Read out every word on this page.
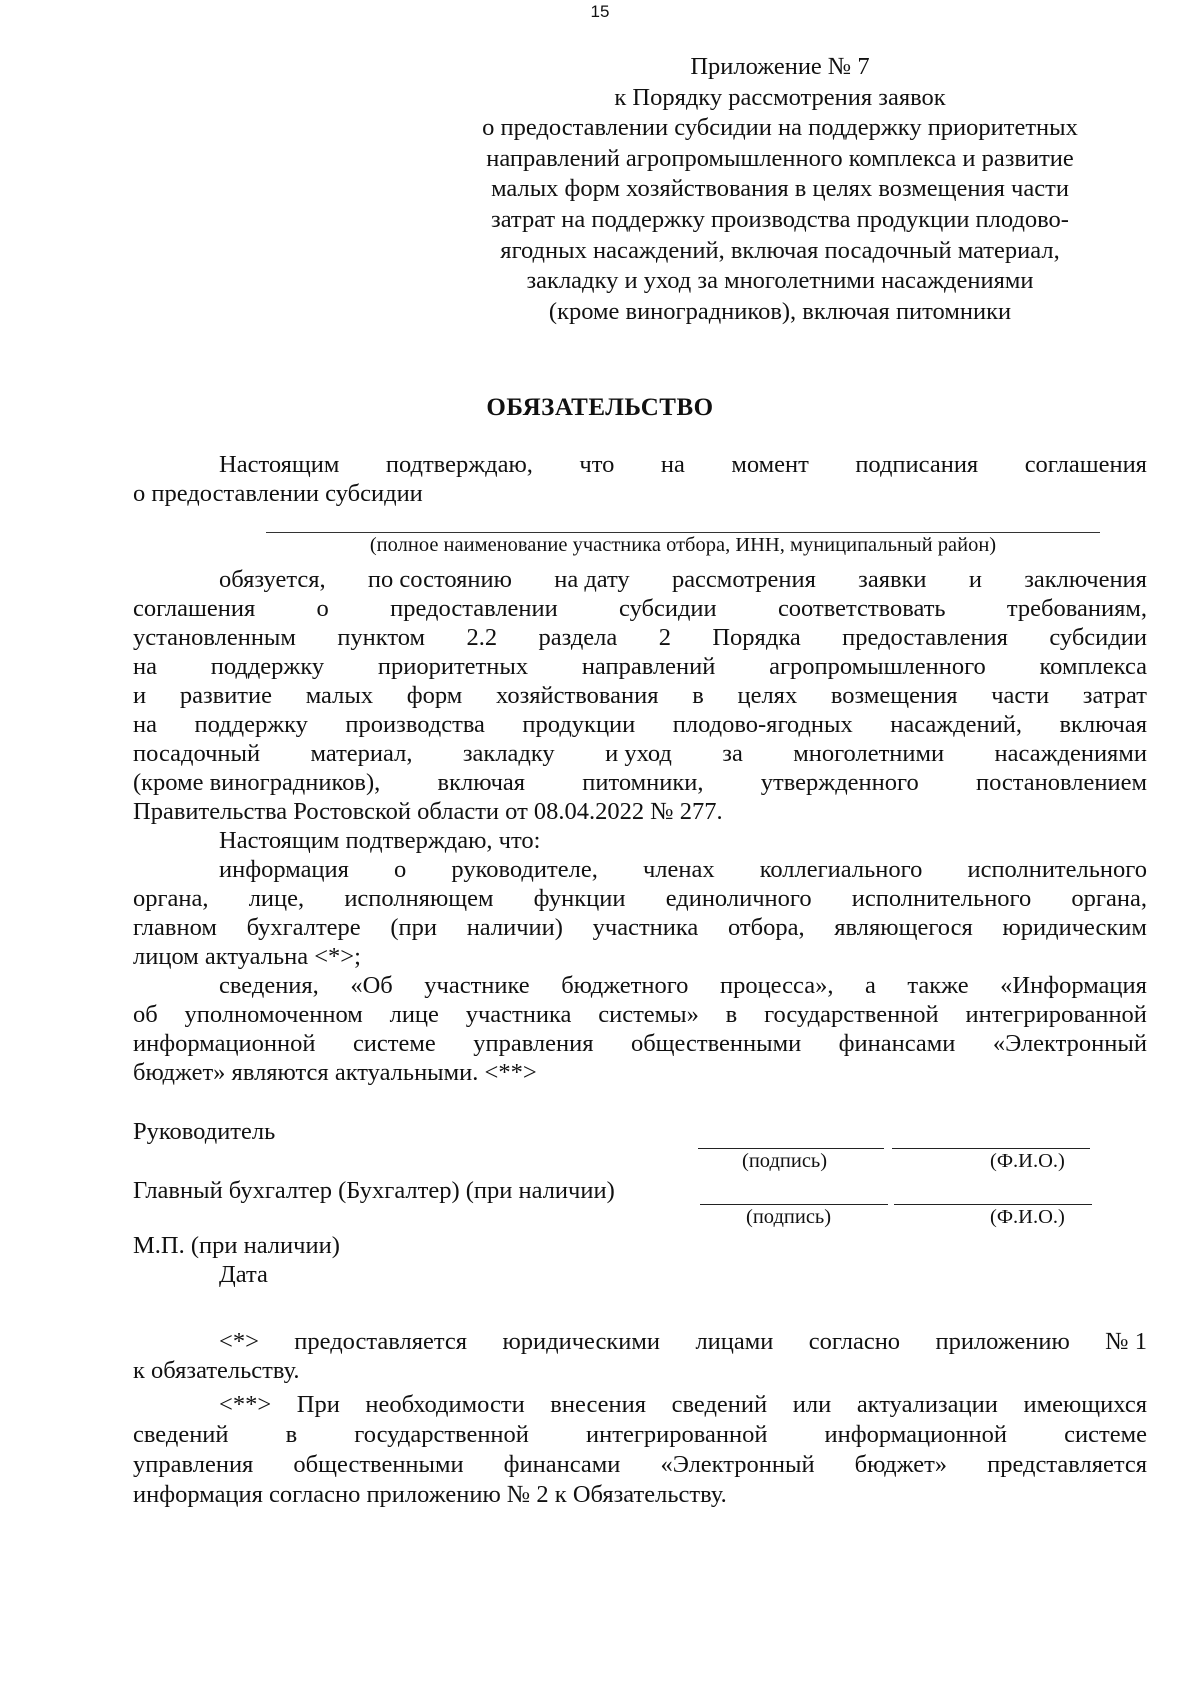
15
Приложение № 7
к Порядку рассмотрения заявок
о предоставлении субсидии на поддержку приоритетных
направлений агропромышленного комплекса и развитие
малых форм хозяйствования в целях возмещения части
затрат на поддержку производства продукции плодово-
ягодных насаждений, включая посадочный материал,
закладку и уход за многолетними насаждениями
(кроме виноградников), включая питомники
ОБЯЗАТЕЛЬСТВО
Настоящим подтверждаю, что на момент подписания соглашения
о предоставлении субсидии
(полное наименование участника отбора, ИНН, муниципальный район)
обязуется, по состоянию на дату рассмотрения заявки и заключения
соглашения	о	предоставлении	субсидии	соответствовать	требованиям,
установленным пунктом 2.2 раздела 2 Порядка предоставления субсидии
на поддержку приоритетных направлений агропромышленного комплекса
и развитие малых форм хозяйствования в целях возмещения части затрат
на поддержку производства продукции плодово-ягодных насаждений, включая
посадочный материал, закладку и уход за многолетними насаждениями
(кроме виноградников), включая питомники, утвержденного постановлением
Правительства Ростовской области от 08.04.2022 № 277.
Настоящим подтверждаю, что:
информация о руководителе, членах коллегиального исполнительного
органа, лице, исполняющем функции единоличного исполнительного органа,
главном бухгалтере (при наличии) участника отбора, являющегося юридическим
лицом актуальна <*>;
сведения, «Об участнике бюджетного процесса», а также «Информация
об уполномоченном лице участника системы» в государственной интегрированной
информационной системе управления общественными финансами «Электронный
бюджет» являются актуальными. <**>
Руководитель
(подпись)	(Ф.И.О.)
Главный бухгалтер (Бухгалтер) (при наличии)
(подпись)	(Ф.И.О.)
М.П. (при наличии)
Дата
<*> предоставляется юридическими лицами согласно приложению № 1
к обязательству.
<**> При необходимости внесения сведений или актуализации имеющихся
сведений в государственной интегрированной информационной системе
управления общественными финансами «Электронный бюджет» представляется
информация согласно приложению № 2 к Обязательству.
